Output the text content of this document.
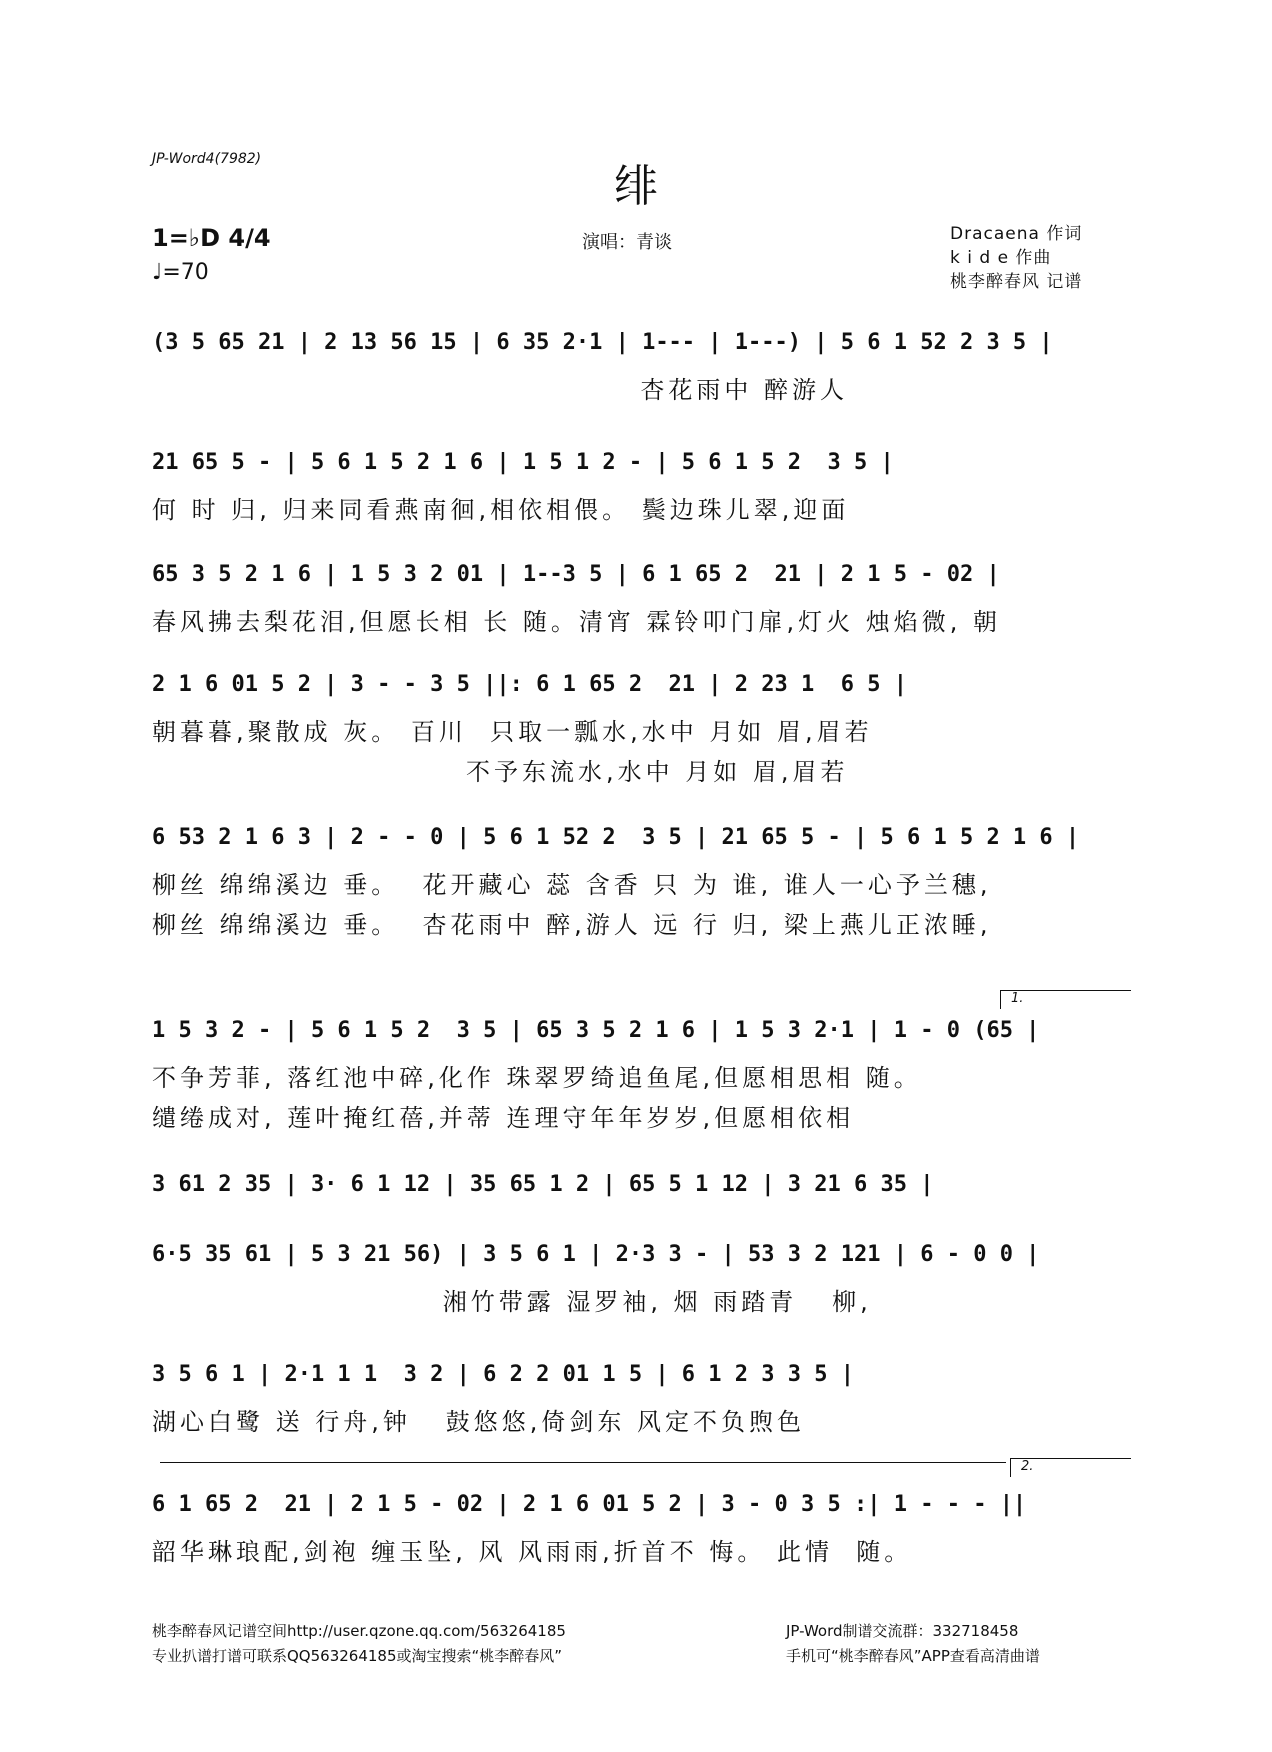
JP-Word4(7982)
绯
1=♭D 4/4
♩=70
演唱：青谈	Dracaena 作词
k i d e 作曲
桃李醉春风 记谱
(3 5 65 21 | 2 13 56 15 | 6 35 2·1 | 1--- | 1---) | 5 6 1 52 2 3 5 |
杏花雨中 醉游人
21 65 5 - | 5 6 1 5 2 1 6 | 1 5 1 2 - | 5 6 1 5 2  3 5 |
何 时 归, 归来同看燕南徊,相依相偎。 鬓边珠儿翠,迎面
65 3 5 2 1 6 | 1 5 3 2 01 | 1--3 5 | 6 1 65 2  21 | 2 1 5 - 02 |
春风拂去梨花泪,但愿长相 长 随。清宵 霖铃叩门扉,灯火 烛焰微, 朝
2 1 6 01 5 2 | 3 - - 3 5 ||: 6 1 65 2  21 | 2 23 1  6 5 |
朝暮暮,聚散成 灰。 百川  只取一瓢水,水中 月如 眉,眉若
不予东流水,水中 月如 眉,眉若
6 53 2 1 6 3 | 2 - - 0 | 5 6 1 52 2  3 5 | 21 65 5 - | 5 6 1 5 2 1 6 |
柳丝 绵绵溪边 垂。  花开藏心 蕊 含香 只 为 谁, 谁人一心予兰穗,
柳丝 绵绵溪边 垂。  杏花雨中 醉,游人 远 行 归, 梁上燕儿正浓睡,
1.
1 5 3 2 - | 5 6 1 5 2  3 5 | 65 3 5 2 1 6 | 1 5 3 2·1 | 1 - 0 (65 |
不争芳菲, 落红池中碎,化作 珠翠罗绮追鱼尾,但愿相思相 随。
缱绻成对, 莲叶掩红蓓,并蒂 连理守年年岁岁,但愿相依相
3 61 2 35 | 3· 6 1 12 | 35 65 1 2 | 65 5 1 12 | 3 21 6 35 |
6·5 35 61 | 5 3 21 56) | 3 5 6 1 | 2·3 3 - | 53 3 2 121 | 6 - 0 0 |
湘竹带露 湿罗袖, 烟 雨踏青   柳,
3 5 6 1 | 2·1 1 1  3 2 | 6 2 2 01 1 5 | 6 1 2 3 3 5 |
湖心白鹭 送 行舟,钟   鼓悠悠,倚剑东 风定不负煦色
2.
6 1 65 2  21 | 2 1 5 - 02 | 2 1 6 01 5 2 | 3 - 0 3 5 :| 1 - - - ||
韶华琳琅配,剑袍 缠玉坠, 风 风雨雨,折首不 悔。 此情  随。
桃李醉春风记谱空间http://user.qzone.qq.com/563264185
专业扒谱打谱可联系QQ563264185或淘宝搜索“桃李醉春风”
JP-Word制谱交流群：332718458
手机可“桃李醉春风”APP查看高清曲谱
